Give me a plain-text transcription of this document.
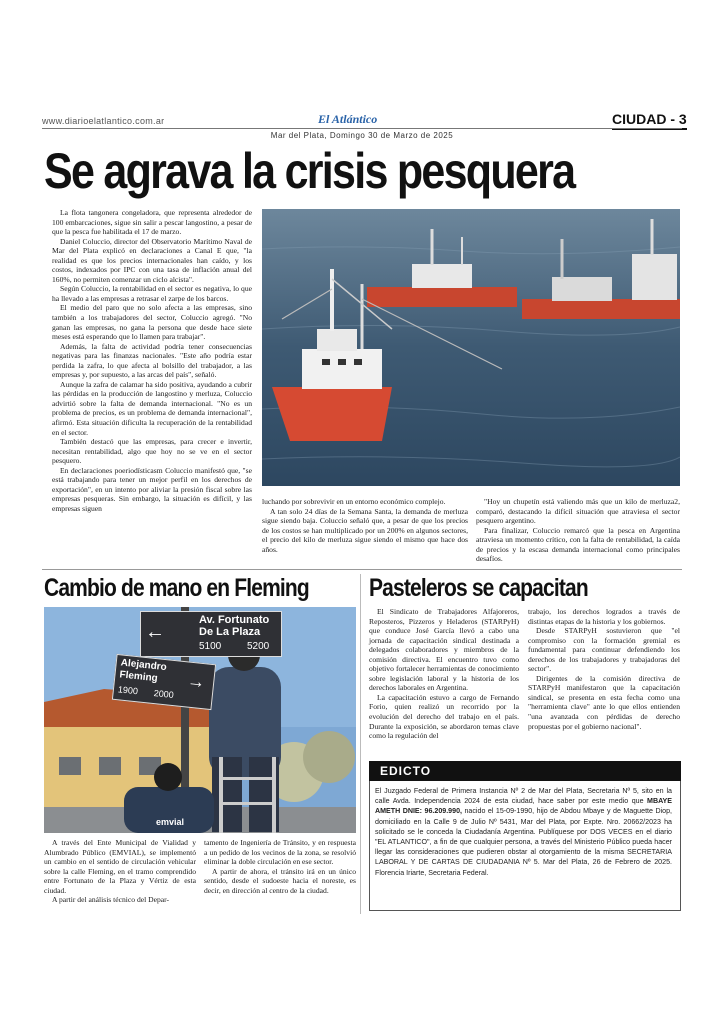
www.diarioelatlantico.com.ar	El Atlántico	CIUDAD - 3
Mar del Plata, Domingo 30 de Marzo de 2025
Se agrava la crisis pesquera

La flota tangonera congeladora, que representa alrededor de 100 embarcaciones, sigue sin salir a pescar langostino, a pesar de que la pesca fue habilitada el 17 de marzo.

Daniel Coluccio, director del Observatorio Marítimo Naval de Mar del Plata explicó en declaraciones a Canal E que, "la realidad es que los precios internacionales han caído, y los costos, indexados por IPC con una tasa de inflación anual del 160%, no permiten comenzar un ciclo alcista".

Según Coluccio, la rentabilidad en el sector es negativa, lo que ha llevado a las empresas a retrasar el zarpe de los barcos.

El medio del paro que no solo afecta a las empresas, sino también a los trabajadores del sector, Coluccio agregó. "No ganan las empresas, no gana la persona que desde hace siete meses está esperando que lo llamen para trabajar".

Además, la falta de actividad podría tener consecuencias negativas para las finanzas nacionales. "Este año podría estar perdida la zafra, lo que afecta al bolsillo del trabajador, a las empresas y, por supuesto, a las arcas del país", señaló.

Aunque la zafra de calamar ha sido positiva, ayudando a cubrir las pérdidas en la producción de langostino y merluza, Coluccio advirtió sobre la falta de demanda internacional. "No es un problema de precios, es un problema de demanda internacional", afirmó. Esta situación dificulta la recuperación de la rentabilidad en el sector.

También destacó que las empresas, para crecer e invertir, necesitan rentabilidad, algo que hoy no se ve en el sector pesquero.

En declaraciones poeriodísticasm Coluccio manifestó que, "se está trabajando para tener un mejor perfil en los derechos de exportación", en un intento por aliviar la presión fiscal sobre las empresas pesqueras. Sin embargo, la situación es difícil, y las empresas siguen

luchando por sobrevivir en un entorno económico complejo.

A tan solo 24 días de la Semana Santa, la demanda de merluza sigue siendo baja. Coluccio señaló que, a pesar de que los precios de los costos se han multiplicado por un 200% en algunos sectores, el precio del kilo de merluza sigue siendo el mismo que hace dos años.

"Hoy un chupetín está valiendo más que un kilo de merluza2, comparó, destacando la difícil situación que atraviesa el sector pesquero argentino.

Para finalizar, Coluccio remarcó que la pesca en Argentina atraviesa un momento crítico, con la falta de rentabilidad, la caída de precios y la escasa demanda internacional como principales desafíos.

Cambio de mano en Fleming
←
Av. Fortunato
De La Plaza
5100	5200
Alejandro
Fleming
1900 2000
→
emvial

A través del Ente Municipal de Vialidad y Alumbrado Público (EMVIAL), se implementó un cambio en el sentido de circulación vehicular sobre la calle Fleming, en el tramo comprendido entre Fortunato de la Plaza y Vértiz de esta ciudad.

A partir del análisis técnico del Depar-

tamento de Ingeniería de Tránsito, y en respuesta a un pedido de los vecinos de la zona, se resolvió eliminar la doble circulación en ese sector.

A partir de ahora, el tránsito irá en un único sentido, desde el sudoeste hacia el noreste, es decir, en dirección al centro de la ciudad.

Pasteleros se capacitan

El Sindicato de Trabajadores Alfajoreros, Reposteros, Pizzeros y Heladeros (STARPyH) que conduce José García llevó a cabo una jornada de capacitación sindical destinada a delegados colaboradores y miembros de la comisión directiva. El encuentro tuvo como objetivo fortalecer herramientas de conocimiento sobre legislación laboral y la historia de los derechos laborales en Argentina.

La capacitación estuvo a cargo de Fernando Forio, quien realizó un recorrido por la evolución del derecho del trabajo en el país. Durante la exposición, se abordaron temas clave como la regulación del

trabajo, los derechos logrados a través de distintas etapas de la historia y los gobiernos.

Desde STARPyH sostuvieron que "el compromiso con la formación gremial es fundamental para continuar defendiendo los derechos de los trabajadores y trabajadoras del sector".

Dirigentes de la comisión directiva de STARPyH manifestaron que la capacitación sindical, se presenta en esta fecha como una "herramienta clave" ante lo que ellos entienden "una avanzada con pérdidas de derecho propuestas por el gobierno nacional".

EDICTO
El Juzgado Federal de Primera Instancia Nº 2 de Mar del Plata, Secretaria Nº 5, sito en la calle Avda. Independencia 2024 de esta ciudad, hace saber por este medio que MBAYE AMETH DNIE: 96.209.990, nacido el 15-09-1990, hijo de Abdou Mbaye y de Maguette Diop, domiciliado en la Calle 9 de Julio Nº 5431, Mar del Plata, por Expte. Nro. 20662/2023 ha solicitado se le conceda la Ciudadanía Argentina. Publíquese por DOS VECES en el diario "EL ATLANTICO", a fin de que cualquier persona, a través del Ministerio Público pueda hacer llegar las consideraciones que pudieren obstar al otorgamiento de la misma SECRETARIA LABORAL Y DE CARTAS DE CIUDADANIA Nº 5. Mar del Plata, 26 de Febrero de 2025. Florencia Iriarte, Secretaria Federal.
